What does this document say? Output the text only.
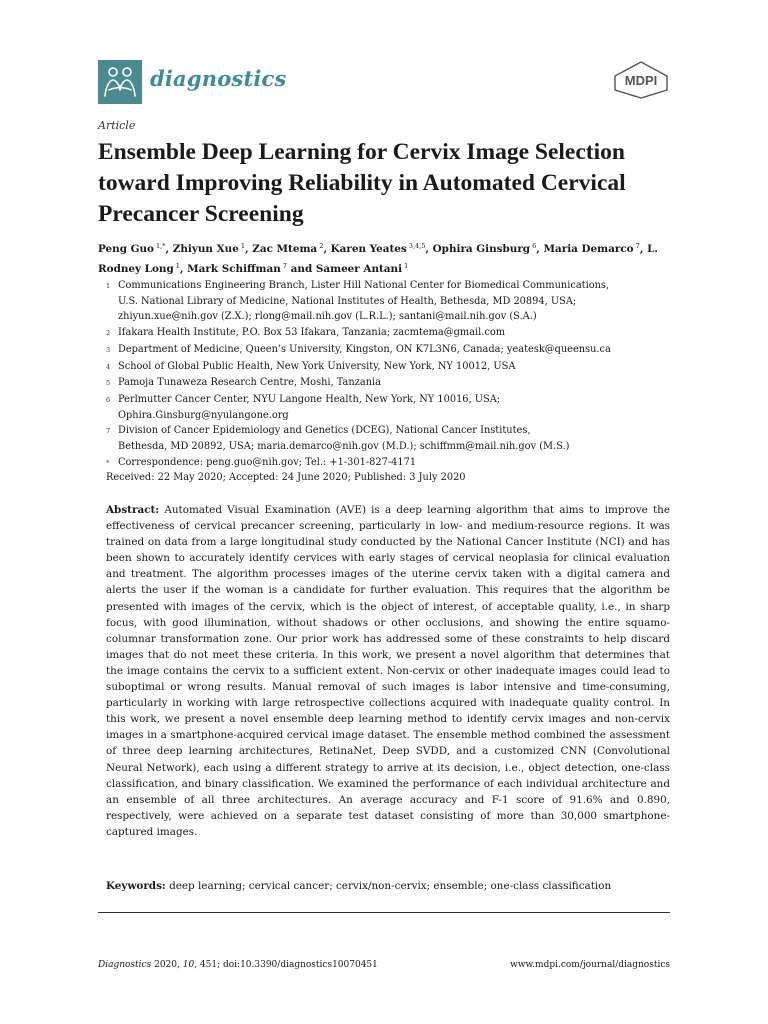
diagnostics	MDPI
Article
Ensemble Deep Learning for Cervix Image Selection toward Improving Reliability in Automated Cervical Precancer Screening
Peng Guo $^{1,*}$, Zhiyun Xue $^1$, Zac Mtema $^2$, Karen Yeates $^{3,4,5}$, Ophira Ginsburg $^6$, Maria Demarco $^7$, L. Rodney Long $^1$, Mark Schiffman $^7$ and Sameer Antani $^1$
1 Communications Engineering Branch, Lister Hill National Center for Biomedical Communications,
U.S. National Library of Medicine, National Institutes of Health, Bethesda, MD 20894, USA;
zhiyun.xue@nih.gov (Z.X.); rlong@mail.nih.gov (L.R.L.); santani@mail.nih.gov (S.A.)
2 Ifakara Health Institute, P.O. Box 53 Ifakara, Tanzania; zacmtema@gmail.com
3 Department of Medicine, Queen’s University, Kingston, ON K7L3N6, Canada; yeatesk@queensu.ca
4 School of Global Public Health, New York University, New York, NY 10012, USA
5 Pamoja Tunaweza Research Centre, Moshi, Tanzania
6 Perlmutter Cancer Center, NYU Langone Health, New York, NY 10016, USA;
Ophira.Ginsburg@nyulangone.org
7 Division of Cancer Epidemiology and Genetics (DCEG), National Cancer Institutes,
Bethesda, MD 20892, USA; maria.demarco@nih.gov (M.D.); schiffmm@mail.nih.gov (M.S.)
* Correspondence: peng.guo@nih.gov; Tel.: +1-301-827-4171
Received: 22 May 2020; Accepted: 24 June 2020; Published: 3 July 2020
Abstract: Automated Visual Examination (AVE) is a deep learning algorithm that aims to improve the effectiveness of cervical precancer screening, particularly in low- and medium-resource regions. It was trained on data from a large longitudinal study conducted by the National Cancer Institute (NCI) and has been shown to accurately identify cervices with early stages of cervical neoplasia for clinical evaluation and treatment. The algorithm processes images of the uterine cervix taken with a digital camera and alerts the user if the woman is a candidate for further evaluation. This requires that the algorithm be presented with images of the cervix, which is the object of interest, of acceptable quality, i.e., in sharp focus, with good illumination, without shadows or other occlusions, and showing the entire squamo-columnar transformation zone. Our prior work has addressed some of these constraints to help discard images that do not meet these criteria. In this work, we present a novel algorithm that determines that the image contains the cervix to a sufficient extent. Non-cervix or other inadequate images could lead to suboptimal or wrong results. Manual removal of such images is labor intensive and time-consuming, particularly in working with large retrospective collections acquired with inadequate quality control. In this work, we present a novel ensemble deep learning method to identify cervix images and non-cervix images in a smartphone-acquired cervical image dataset. The ensemble method combined the assessment of three deep learning architectures, RetinaNet, Deep SVDD, and a customized CNN (Convolutional Neural Network), each using a different strategy to arrive at its decision, i.e., object detection, one-class classification, and binary classification. We examined the performance of each individual architecture and an ensemble of all three architectures. An average accuracy and F-1 score of 91.6% and 0.890, respectively, were achieved on a separate test dataset consisting of more than 30,000 smartphone-captured images.
Keywords: deep learning; cervical cancer; cervix/non-cervix; ensemble; one-class classification
Diagnostics 2020, 10, 451; doi:10.3390/diagnostics10070451	www.mdpi.com/journal/diagnostics
